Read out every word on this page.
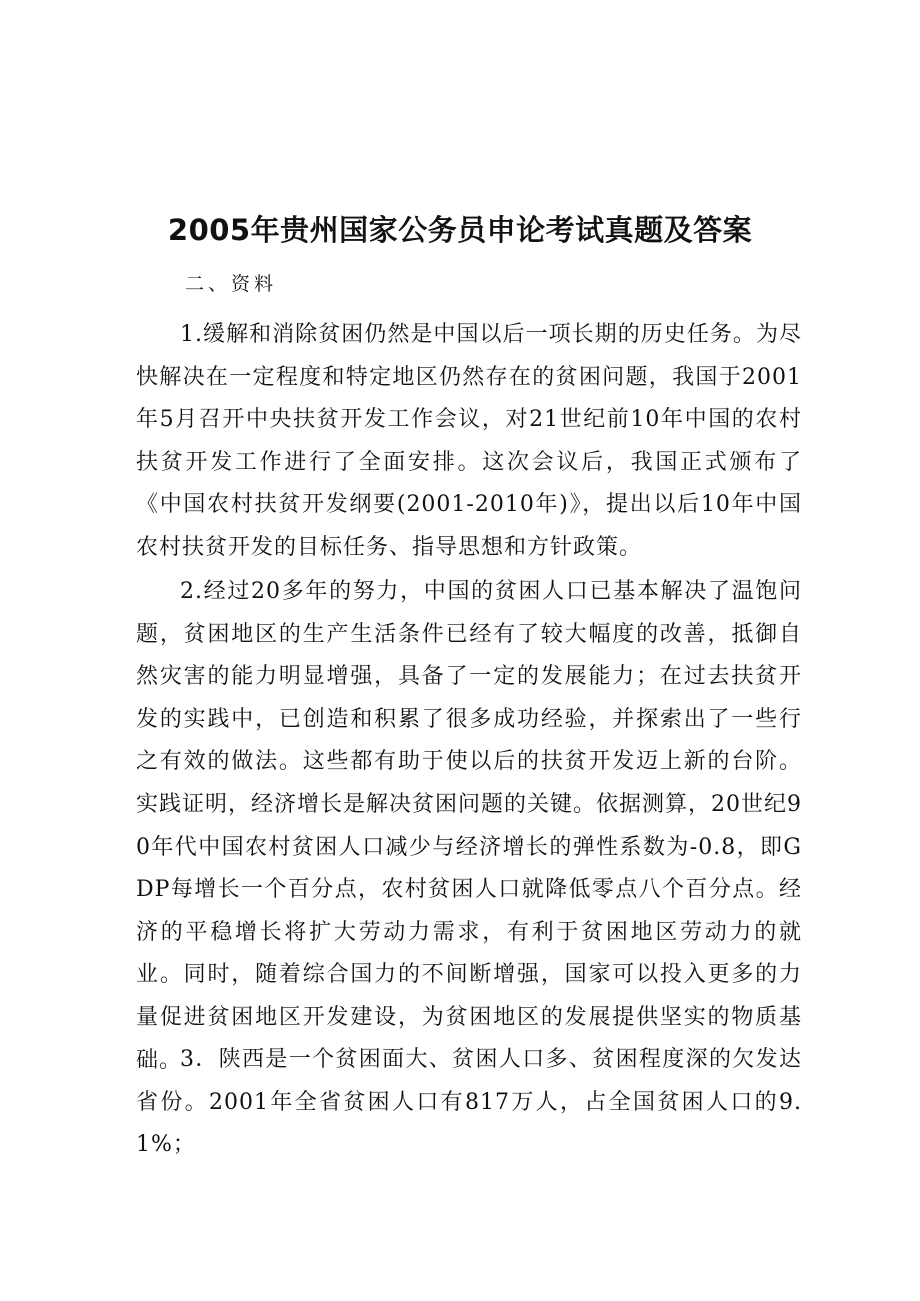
2005年贵州国家公务员申论考试真题及答案

二、资料

1.缓解和消除贫困仍然是中国以后一项长期的历史任务。为尽快解决在一定程度和特定地区仍然存在的贫困问题，我国于2001年5月召开中央扶贫开发工作会议，对21世纪前10年中国的农村扶贫开发工作进行了全面安排。这次会议后，我国正式颁布了《中国农村扶贫开发纲要(2001-2010年)》，提出以后10年中国农村扶贫开发的目标任务、指导思想和方针政策。

2.经过20多年的努力，中国的贫困人口已基本解决了温饱问题，贫困地区的生产生活条件已经有了较大幅度的改善，抵御自然灾害的能力明显增强，具备了一定的发展能力；在过去扶贫开发的实践中，已创造和积累了很多成功经验，并探索出了一些行之有效的做法。这些都有助于使以后的扶贫开发迈上新的台阶。实践证明，经济增长是解决贫困问题的关键。依据测算，20世纪90年代中国农村贫困人口减少与经济增长的弹性系数为-0.8，即GDP每增长一个百分点，农村贫困人口就降低零点八个百分点。经济的平稳增长将扩大劳动力需求，有利于贫困地区劳动力的就业。同时，随着综合国力的不间断增强，国家可以投入更多的力量促进贫困地区开发建设，为贫困地区的发展提供坚实的物质基础。

3．陕西是一个贫困面大、贫困人口多、贫困程度深的欠发达省份。2001年全省贫困人口有817万人，占全国贫困人口的9.1%；
